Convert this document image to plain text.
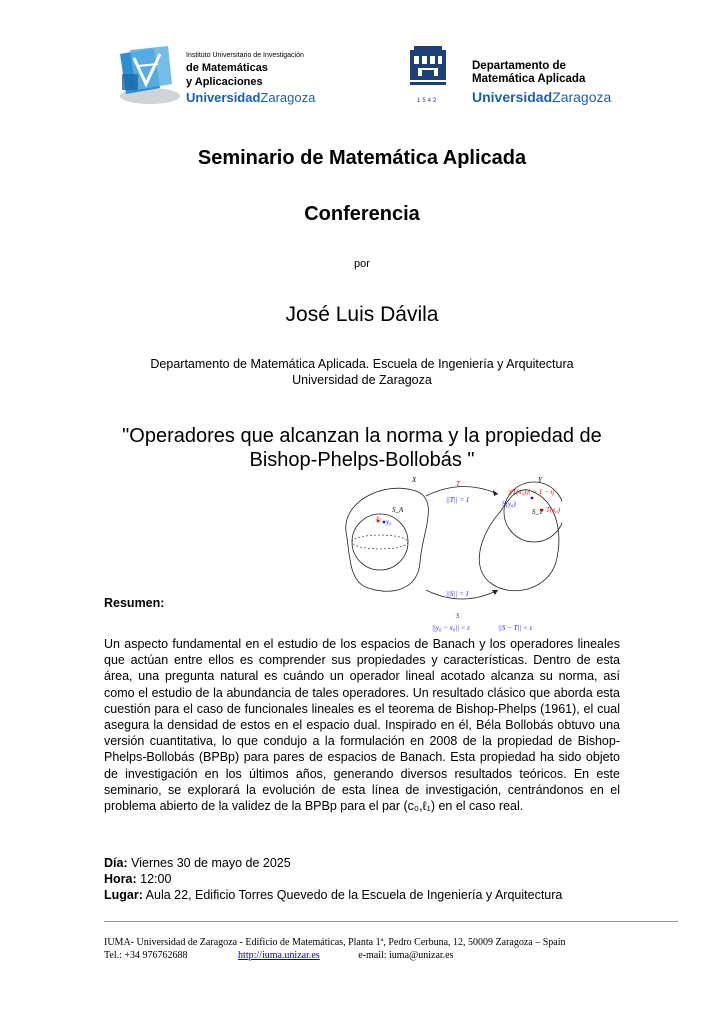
Instituto Universitario de Investigación
de Matemáticas
y Aplicaciones
UniversidadZaragoza	1542
Departamento de
Matemática Aplicada
UniversidadZaragoza
Seminario de Matemática Aplicada
Conferencia
por
José Luis Dávila
Departamento de Matemática Aplicada. Escuela de Ingeniería y Arquitectura
Universidad de Zaragoza
"Operadores que alcanzan la norma y la propiedad de
Bishop-Phelps-Bollobás "
X	Y
T
||T|| = 1
S_A
x₀ y₀
|(T(x₀))| > 1 − η
S(y₀)
T(x₀)
S_Y
||S|| = 1
S
||y₀ − x₀|| < ε	||S − T|| < ε
Resumen:
Un aspecto fundamental en el estudio de los espacios de Banach y los operadores lineales que actúan entre ellos es comprender sus propiedades y características. Dentro de esta área, una pregunta natural es cuándo un operador lineal acotado alcanza su norma, así como el estudio de la abundancia de tales operadores. Un resultado clásico que aborda esta cuestión para el caso de funcionales lineales es el teorema de Bishop-Phelps (1961), el cual asegura la densidad de estos en el espacio dual. Inspirado en él, Béla Bollobás obtuvo una versión cuantitativa, lo que condujo a la formulación en 2008 de la propiedad de Bishop-Phelps-Bollobás (BPBp) para pares de espacios de Banach. Esta propiedad ha sido objeto de investigación en los últimos años, generando diversos resultados teóricos. En este seminario, se explorará la evolución de esta línea de investigación, centrándonos en el problema abierto de la validez de la BPBp para el par (c₀,ℓ₁) en el caso real.
Día: Viernes 30 de mayo de 2025
Hora: 12:00
Lugar: Aula 22, Edificio Torres Quevedo de la Escuela de Ingeniería y Arquitectura
IUMA- Universidad de Zaragoza - Edificio de Matemáticas, Planta 1ª, Pedro Cerbuna, 12, 50009 Zaragoza – Spain
Tel.: +34 976762688	http://iuma.unizar.es	e-mail: iuma@unizar.es
